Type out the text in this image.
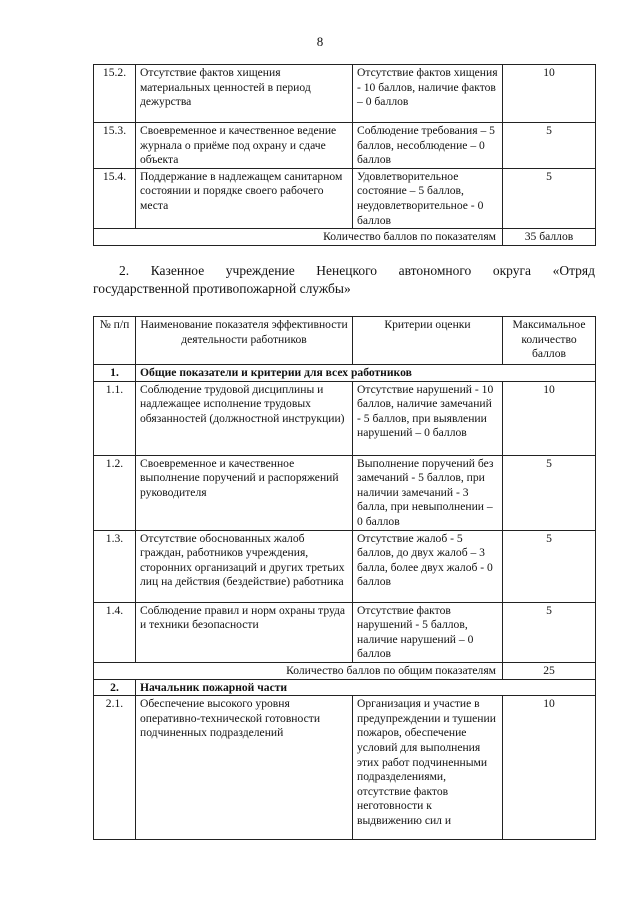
8
15.2.	Отсутствие фактов хищения материальных ценностей в период дежурства	Отсутствие фактов хищения - 10 баллов, наличие фактов – 0 баллов	10
15.3.	Своевременное и качественное ведение журнала о приёме под охрану и сдаче объекта	Соблюдение требования – 5 баллов, несоблюдение – 0 баллов	5
15.4.	Поддержание в надлежащем санитарном состоянии и порядке своего рабочего места	Удовлетворительное состояние – 5 баллов, неудовлетворительное - 0 баллов	5
Количество баллов по показателям			35 баллов
2. Казенное учреждение Ненецкого автономного округа «Отряд
государственной противопожарной службы»
№ п/п	Наименование показателя эффективности деятельности работников	Критерии оценки	Максимальное количество баллов
1.	Общие показатели и критерии для всех работников		
1.1.	Соблюдение трудовой дисциплины и надлежащее исполнение трудовых обязанностей (должностной инструкции)	Отсутствие нарушений - 10 баллов, наличие замечаний - 5 баллов, при выявлении нарушений – 0 баллов	10
1.2.	Своевременное и качественное выполнение поручений и распоряжений руководителя	Выполнение поручений без замечаний - 5 баллов, при наличии замечаний - 3 балла, при невыполнении – 0 баллов	5
1.3.	Отсутствие обоснованных жалоб граждан, работников учреждения, сторонних организаций и других третьих лиц на действия (бездействие) работника	Отсутствие жалоб - 5 баллов, до двух жалоб – 3 балла, более двух жалоб - 0 баллов	5
1.4.	Соблюдение правил и норм охраны труда и техники безопасности	Отсутствие фактов нарушений - 5 баллов, наличие нарушений – 0 баллов	5
Количество баллов по общим показателям			25
2.	Начальник пожарной части		
2.1.	Обеспечение высокого уровня оперативно-технической готовности подчиненных подразделений	Организация и участие в предупреждении и тушении пожаров, обеспечение условий для выполнения этих работ подчиненными подразделениями, отсутствие фактов неготовности к выдвижению сил и	10
